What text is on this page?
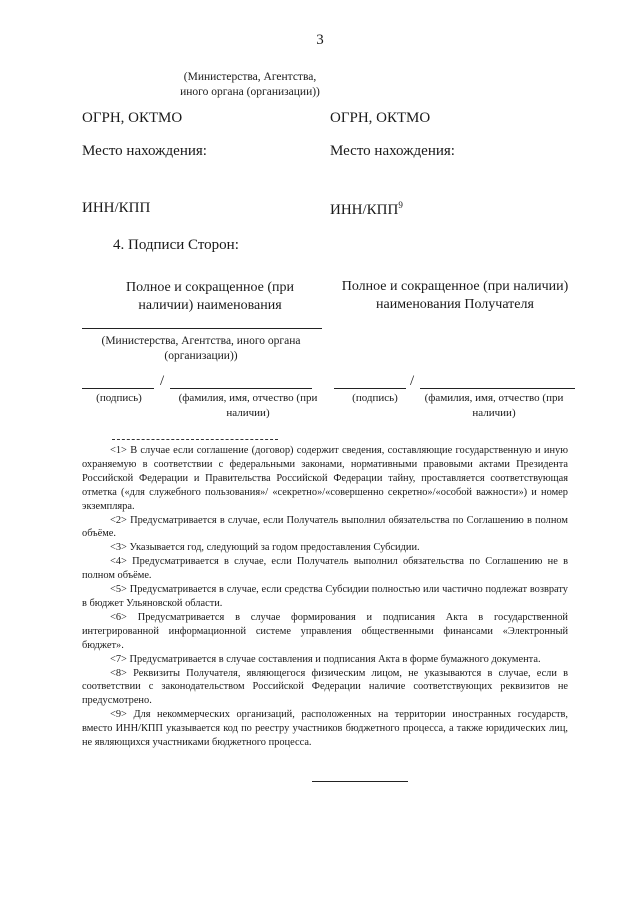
3
(Министерства, Агентства, иного органа (организации))
ОГРН, ОКТМО
Место нахождения:
ИНН/КПП
ОГРН, ОКТМО
Место нахождения:
ИНН/КПП$^9$
4. Подписи Сторон:
Полное и сокращенное (при наличии) наименования
Полное и сокращенное (при наличии) наименования Получателя
(Министерства, Агентства, иного органа (организации))
/
(подпись)	(фамилия, имя, отчество (при наличии)
/
(подпись)	(фамилия, имя, отчество (при наличии)

<1> В случае если соглашение (договор) содержит сведения, составляющие государственную и иную охраняемую в соответствии с федеральными законами, нормативными правовыми актами Президента Российской Федерации и Правительства Российской Федерации тайну, проставляется соответствующая отметка («для служебного пользования»/ «секретно»/«совершенно секретно»/«особой важности») и номер экземпляра.

<2> Предусматривается в случае, если Получатель выполнил обязательства по Соглашению в полном объёме.

<3> Указывается год, следующий за годом предоставления Субсидии.

<4> Предусматривается в случае, если Получатель выполнил обязательства по Соглашению не в полном объёме.

<5> Предусматривается в случае, если средства Субсидии полностью или частично подлежат возврату в бюджет Ульяновской области.

<6> Предусматривается в случае формирования и подписания Акта в государственной интегрированной информационной системе управления общественными финансами «Электронный бюджет».

<7> Предусматривается в случае составления и подписания Акта в форме бумажного документа.

<8> Реквизиты Получателя, являющегося физическим лицом, не указываются в случае, если в соответствии с законодательством Российской Федерации наличие соответствующих реквизитов не предусмотрено.

<9> Для некоммерческих организаций, расположенных на территории иностранных государств, вместо ИНН/КПП указывается код по реестру участников бюджетного процесса, а также юридических лиц, не являющихся участниками бюджетного процесса.
